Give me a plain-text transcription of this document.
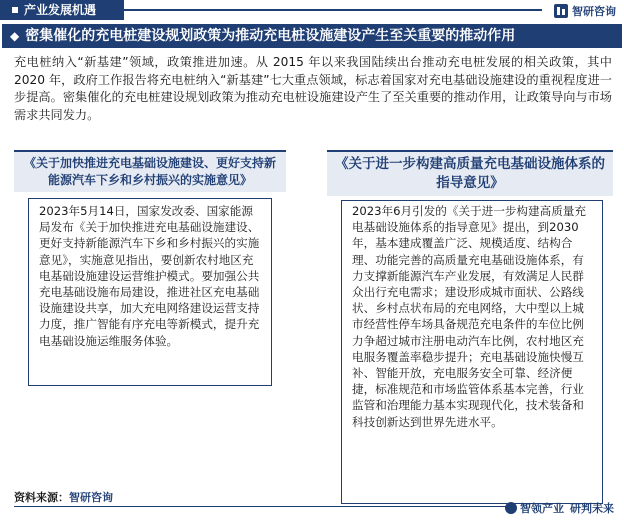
产业发展机遇	智研咨询
◆ 密集催化的充电桩建设规划政策为推动充电桩设施建设产生至关重要的推动作用
充电桩纳入“新基建”领域，政策推进加速。从 2015 年以来我国陆续出台推动充电桩发展的相关政策，其中 2020 年，政府工作报告将充电桩纳入“新基建”七大重点领域，标志着国家对充电基础设施建设的重视程度进一步提高。密集催化的充电桩建设规划政策为推动充电桩设施建设产生了至关重要的推动作用，让政策导向与市场需求共同发力。
《关于加快推进充电基础设施建设、更好支持新能源汽车下乡和乡村振兴的实施意见》
2023年5月14日，国家发改委、国家能源局发布《关于加快推进充电基础设施建设、更好支持新能源汽车下乡和乡村振兴的实施意见》，实施意见指出，要创新农村地区充电基础设施建设运营维护模式。要加强公共充电基础设施布局建设，推进社区充电基础设施建设共享，加大充电网络建设运营支持力度，推广智能有序充电等新模式，提升充电基础设施运维服务体验。
《关于进一步构建高质量充电基础设施体系的指导意见》
2023年6月引发的《关于进一步构建高质量充电基础设施体系的指导意见》提出，到2030年，基本建成覆盖广泛、规模适度、结构合理、功能完善的高质量充电基础设施体系，有力支撑新能源汽车产业发展，有效满足人民群众出行充电需求；建设形成城市面状、公路线状、乡村点状布局的充电网络，大中型以上城市经营性停车场具备规范充电条件的车位比例力争超过城市注册电动汽车比例，农村地区充电服务覆盖率稳步提升；充电基础设施快慢互补、智能开放，充电服务安全可靠、经济便捷，标准规范和市场监管体系基本完善，行业监管和治理能力基本实现现代化，技术装备和科技创新达到世界先进水平。
资料来源：智研咨询
智领产业 研判未来
